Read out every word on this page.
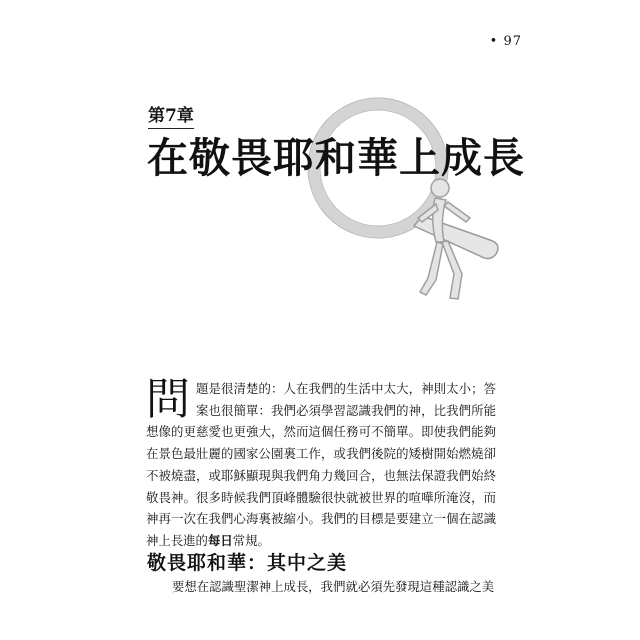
• 97
第7章
在敬畏耶和華上成長
問題是很清楚的：人在我們的生活中太大，神則太小；答案也很簡單：我們必須學習認識我們的神，比我們所能想像的更慈愛也更強大，然而這個任務可不簡單。即使我們能夠在景色最壯麗的國家公園裏工作，或我們後院的矮樹開始燃燒卻不被燒盡，或耶穌顯現與我們角力幾回合，也無法保證我們始終敬畏神。很多時候我們頂峰體驗很快就被世界的喧嘩所淹沒，而神再一次在我們心海裏被縮小。我們的目標是要建立一個在認識神上長進的每日常規。
敬畏耶和華：其中之美
要想在認識聖潔神上成長，我們就必須先發現這種認識之美
